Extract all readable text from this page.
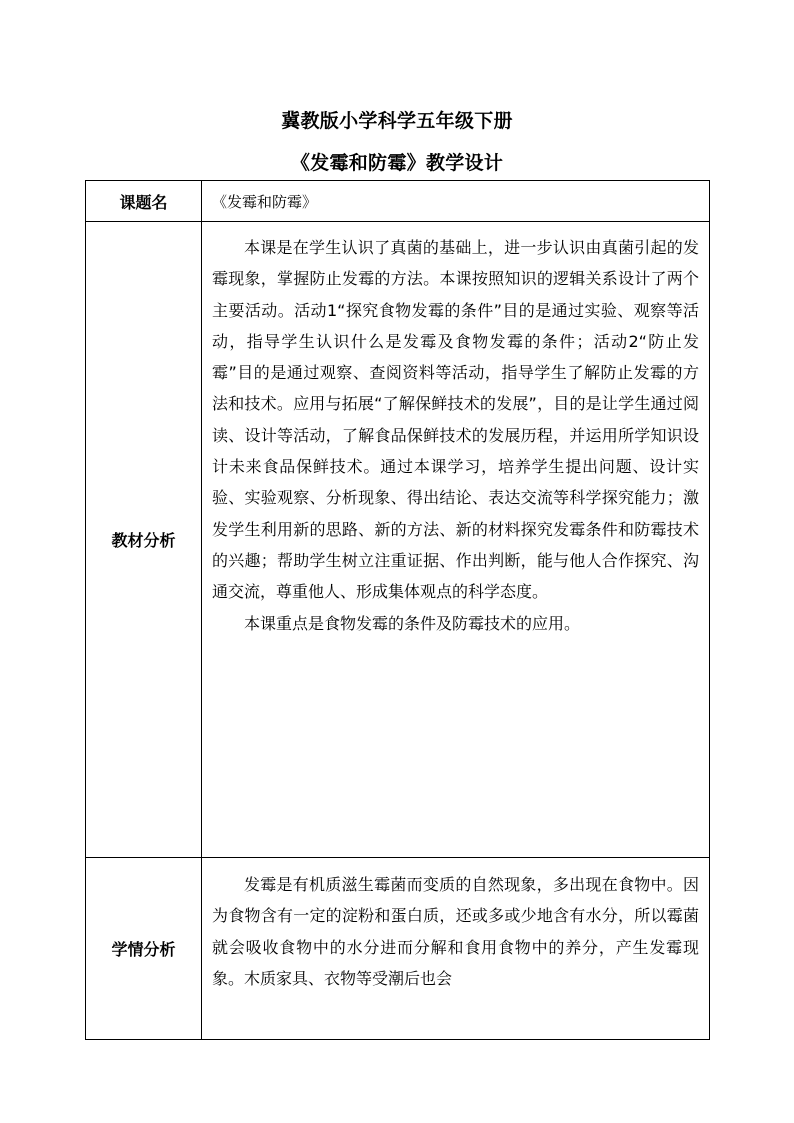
冀教版小学科学五年级下册
《发霉和防霉》教学设计
课题名	《发霉和防霉》
教材分析	本课是在学生认识了真菌的基础上，进一步认识由真菌引起的发霉现象，掌握防止发霉的方法。本课按照知识的逻辑关系设计了两个主要活动。活动1“探究食物发霉的条件”目的是通过实验、观察等活动，指导学生认识什么是发霉及食物发霉的条件；活动2“防止发霉”目的是通过观察、查阅资料等活动，指导学生了解防止发霉的方法和技术。应用与拓展“了解保鲜技术的发展”，目的是让学生通过阅读、设计等活动，了解食品保鲜技术的发展历程，并运用所学知识设计未来食品保鲜技术。通过本课学习，培养学生提出问题、设计实验、实验观察、分析现象、得出结论、表达交流等科学探究能力；激发学生利用新的思路、新的方法、新的材料探究发霉条件和防霉技术的兴趣；帮助学生树立注重证据、作出判断，能与他人合作探究、沟通交流，尊重他人、形成集体观点的科学态度。

本课重点是食物发霉的条件及防霉技术的应用。

学情分析	发霉是有机质滋生霉菌而变质的自然现象，多出现在食物中。因为食物含有一定的淀粉和蛋白质，还或多或少地含有水分，所以霉菌就会吸收食物中的水分进而分解和食用食物中的养分，产生发霉现象。木质家具、衣物等受潮后也会
